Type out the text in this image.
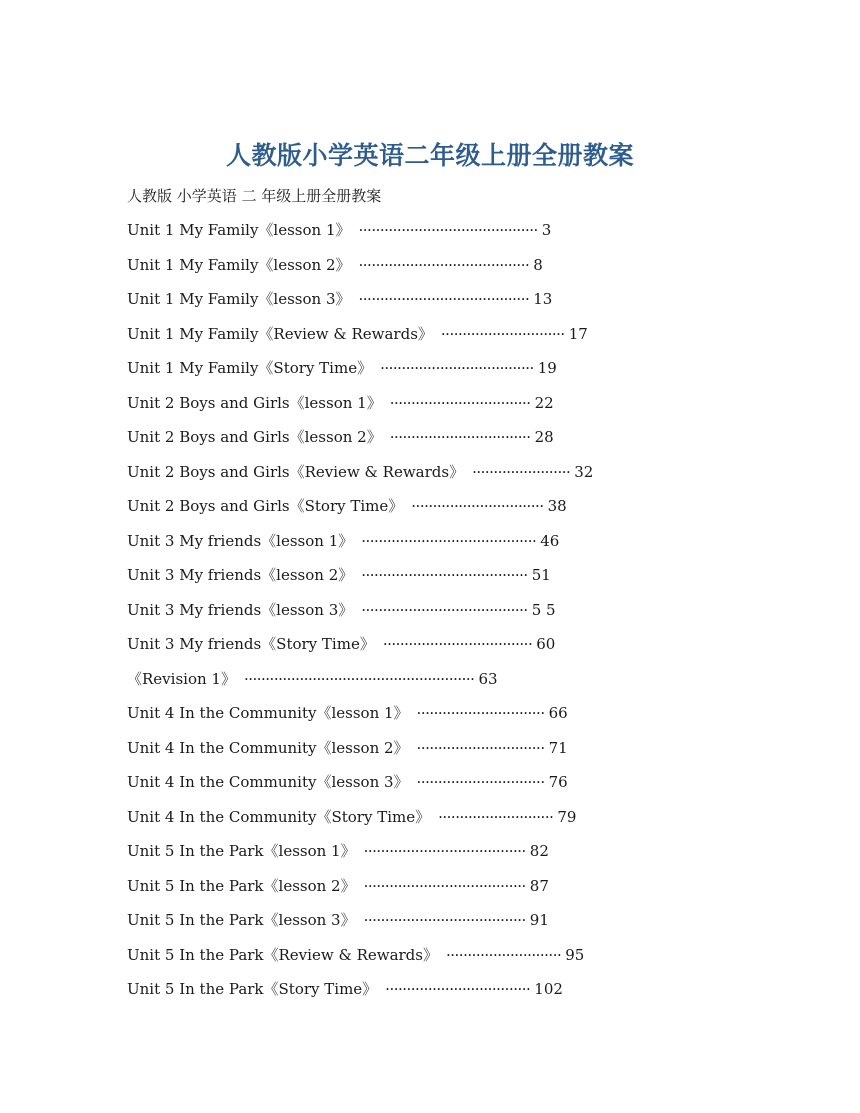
人教版小学英语二年级上册全册教案
人教版 小学英语 二 年级上册全册教案
Unit 1 My Family《lesson 1》 ·········································· 3
Unit 1 My Family《lesson 2》 ········································ 8
Unit 1 My Family《lesson 3》 ········································ 13
Unit 1 My Family《Review & Rewards》 ····························· 17
Unit 1 My Family《Story Time》 ···································· 19
Unit 2 Boys and Girls《lesson 1》 ································· 22
Unit 2 Boys and Girls《lesson 2》 ································· 28
Unit 2 Boys and Girls《Review & Rewards》 ······················· 32
Unit 2 Boys and Girls《Story Time》 ······························· 38
Unit 3 My friends《lesson 1》 ········································· 46
Unit 3 My friends《lesson 2》 ······································· 51
Unit 3 My friends《lesson 3》 ······································· 5 5
Unit 3 My friends《Story Time》 ··································· 60
《Revision 1》 ······················································ 63
Unit 4 In the Community《lesson 1》 ······························ 66
Unit 4 In the Community《lesson 2》 ······························ 71
Unit 4 In the Community《lesson 3》 ······························ 76
Unit 4 In the Community《Story Time》 ··························· 79
Unit 5 In the Park《lesson 1》 ······································ 82
Unit 5 In the Park《lesson 2》 ······································ 87
Unit 5 In the Park《lesson 3》 ······································ 91
Unit 5 In the Park《Review & Rewards》 ··························· 95
Unit 5 In the Park《Story Time》 ·································· 102
